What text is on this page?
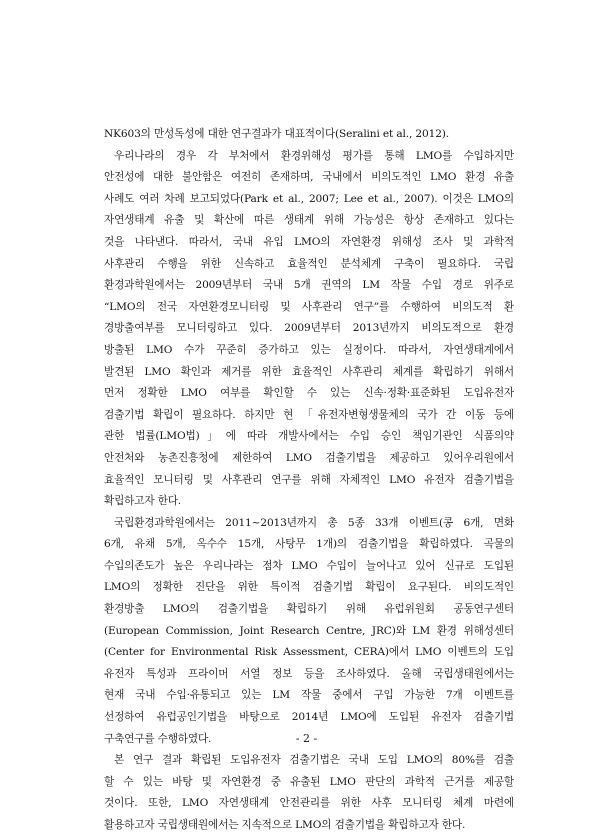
NK603의 만성독성에 대한 연구결과가 대표적이다(Seralini et al., 2012).

우리나라의 경우 각 부처에서 환경위해성 평가를 통해 LMO를 수입하지만
안전성에 대한 불안함은 여전히 존재하며, 국내에서 비의도적인 LMO 환경 유출
사례도 여러 차례 보고되었다(Park et al., 2007; Lee et al., 2007). 이것은 LMO의
자연생태계 유출 및 확산에 따른 생태계 위해 가능성은 항상 존재하고 있다는
것을 나타낸다. 따라서, 국내 유입 LMO의 자연환경 위해성 조사 및 과학적
사후관리 수행을 위한 신속하고 효율적인 분석체계 구축이 필요하다. 국립
환경과학원에서는 2009년부터 국내 5개 권역의 LM 작물 수입 경로 위주로
“LMO의 전국 자연환경모니터링 및 사후관리 연구”를 수행하여 비의도적 환
경방출여부를 모니터링하고 있다. 2009년부터 2013년까지 비의도적으로 환경
방출된 LMO 수가 꾸준히 증가하고 있는 실정이다. 따라서, 자연생태계에서
발견된 LMO 확인과 제거를 위한 효율적인 사후관리 체계를 확립하기 위해서
먼저 정확한 LMO 여부를 확인할 수 있는 신속·정확·표준화된 도입유전자
검출기법 확립이 필요하다. 하지만 현 「유전자변형생물체의 국가 간 이동 등에
관한 법률(LMO법)」에 따라 개발사에서는 수입 승인 책임기관인 식품의약
안전처와 농촌진흥청에 제한하여 LMO 검출기법을 제공하고 있어우리원에서
효율적인 모니터링 및 사후관리 연구를 위해 자체적인 LMO 유전자 검출기법을
확립하고자 한다.

국립환경과학원에서는 2011~2013년까지 총 5종 33개 이벤트(콩 6개, 면화
6개, 유채 5개, 옥수수 15개, 사탕무 1개)의 검출기법을 확립하였다. 곡물의
수입의존도가 높은 우리나라는 점차 LMO 수입이 늘어나고 있어 신규로 도입된
LMO의 정확한 진단을 위한 특이적 검출기법 확립이 요구된다. 비의도적인
환경방출 LMO의 검출기법을 확립하기 위해 유럽위원회 공동연구센터
(European Commission, Joint Research Centre, JRC)와 LM 환경 위해성센터
(Center for Environmental Risk Assessment, CERA)에서 LMO 이벤트의 도입
유전자 특성과 프라이머 서열 정보 등을 조사하였다. 올해 국립생태원에서는
현재 국내 수입·유통되고 있는 LM 작물 중에서 구입 가능한 7개 이벤트를
선정하여 유럽공인기법을 바탕으로 2014년 LMO에 도입된 유전자 검출기법
구축연구를 수행하였다.

본 연구 결과 확립된 도입유전자 검출기법은 국내 도입 LMO의 80%를 검출
할 수 있는 바탕 및 자연환경 중 유출된 LMO 판단의 과학적 근거를 제공할
것이다. 또한, LMO 자연생태계 안전관리를 위한 사후 모니터링 체계 마련에
활용하고자 국립생태원에서는 지속적으로 LMO의 검출기법을 확립하고자 한다.

- 2 -
